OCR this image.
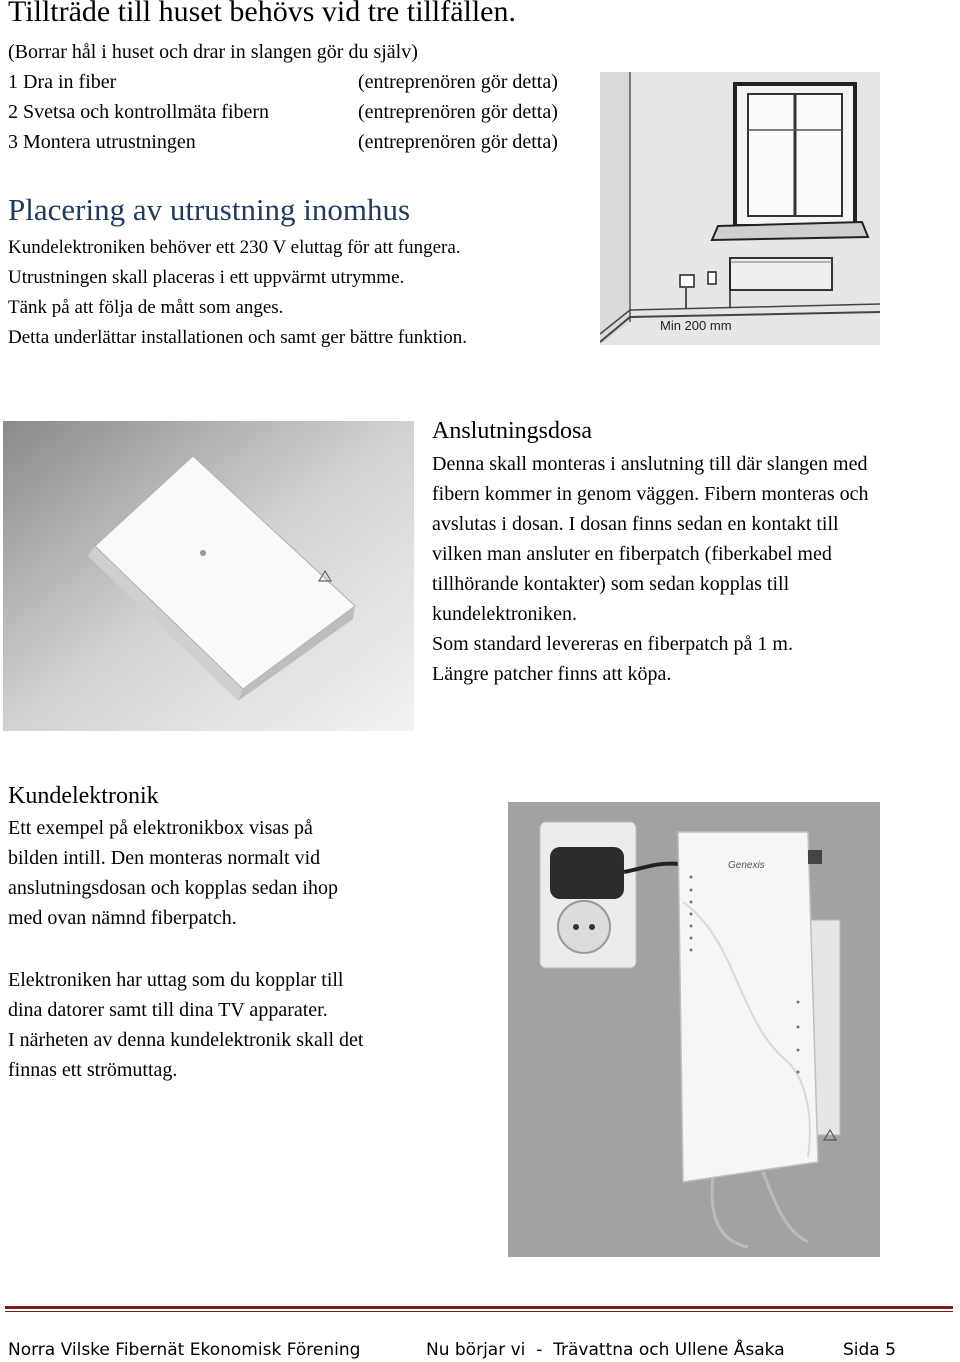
Tillträde till huset behövs vid tre tillfällen.
(Borrar hål i huset och drar in slangen gör du själv)
1 Dra in fiber	(entreprenören gör detta)
2 Svetsa och kontrollmäta fibern	(entreprenören gör detta)
3 Montera utrustningen	(entreprenören gör detta)
Placering av utrustning inomhus
Kundelektroniken behöver ett 230 V eluttag för att fungera.
Utrustningen skall placeras i ett uppvärmt utrymme.
Tänk på att följa de mått som anges.
Detta underlättar installationen och samt ger bättre funktion.
Min 200 mm
Anslutningsdosa
Denna skall monteras i anslutning till där slangen med
fibern kommer in genom väggen. Fibern monteras och
avslutas i dosan. I dosan finns sedan en kontakt till
vilken man ansluter en fiberpatch (fiberkabel med
tillhörande kontakter) som sedan kopplas till
kundelektroniken.
Som standard levereras en fiberpatch på 1 m.
Längre patcher finns att köpa.
Kundelektronik
Ett exempel på elektronikbox visas på
bilden intill. Den monteras normalt vid
anslutningsdosan och kopplas sedan ihop
med ovan nämnd fiberpatch.
Elektroniken har uttag som du kopplar till
dina datorer samt till dina TV apparater.
I närheten av denna kundelektronik skall det
finnas ett strömuttag.
Genexis
Norra Vilske Fibernät Ekonomisk Förening	Nu börjar vi  -  Trävattna och Ullene Åsaka	Sida 5
